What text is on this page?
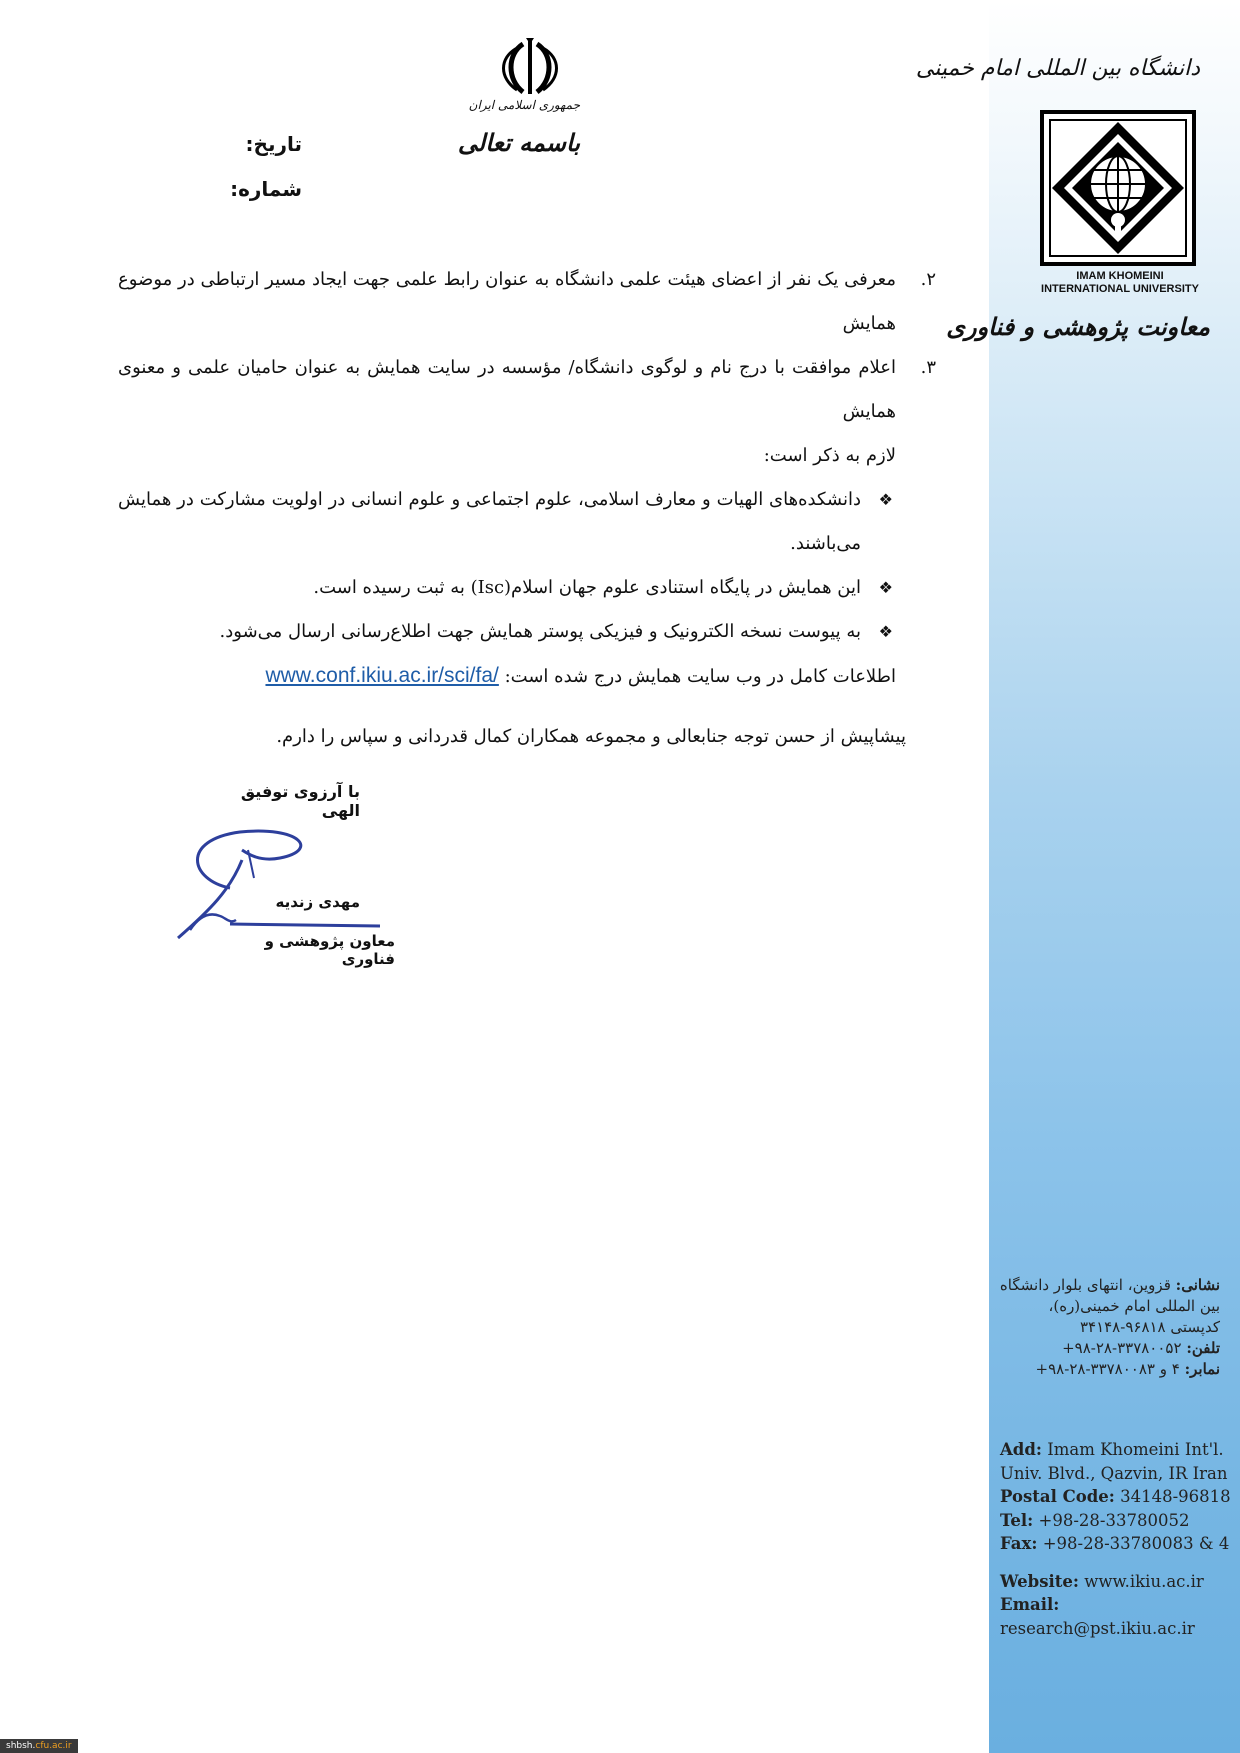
دانشگاه بین المللی امام خمینی
IMAM KHOMEINI
INTERNATIONAL UNIVERSITY
معاونت پژوهشی و فناوری
نشانی: قزوین، انتهای بلوار دانشگاه بین المللی امام خمینی(ره)،
کدپستی ۹۶۸۱۸-۳۴۱۴۸
تلفن: ۳۳۷۸۰۰۵۲-۲۸-۹۸+
نمابر: ۴ و ۳۳۷۸۰۰۸۳-۲۸-۹۸+
Add: Imam Khomeini Int'l.
Univ. Blvd., Qazvin, IR Iran
Postal Code: 34148-96818
Tel: +98-28-33780052
Fax: +98-28-33780083 & 4
Website: www.ikiu.ac.ir
Email: research@pst.ikiu.ac.ir
جمهوری اسلامی ایران
باسمه تعالی
تاریخ:
شماره:
۲.
معرفی یک نفر از اعضای هیئت علمی دانشگاه به عنوان رابط علمی جهت ایجاد مسیر ارتباطی در موضوع همایش
۳.
اعلام موافقت با درج نام و لوگوی دانشگاه/ مؤسسه در سایت همایش به عنوان حامیان علمی و معنوی همایش
لازم به ذکر است:
❖
دانشکده‌های الهیات و معارف اسلامی، علوم اجتماعی و علوم انسانی در اولویت مشارکت در همایش می‌باشند.
❖
این همایش در پایگاه استنادی علوم جهان اسلام(Isc) به ثبت رسیده است.
❖
به پیوست نسخه الکترونیک و فیزیکی پوستر همایش جهت اطلاع‌رسانی ارسال می‌شود.
اطلاعات کامل در وب سایت همایش درج شده است: www.conf.ikiu.ac.ir/sci/fa/
پیشاپیش از حسن توجه جنابعالی و مجموعه همکاران کمال قدردانی و سپاس را دارم.
با آرزوی توفیق الهی
مهدی زندیه
معاون پژوهشی و فناوری
shbsh.cfu.ac.ir
